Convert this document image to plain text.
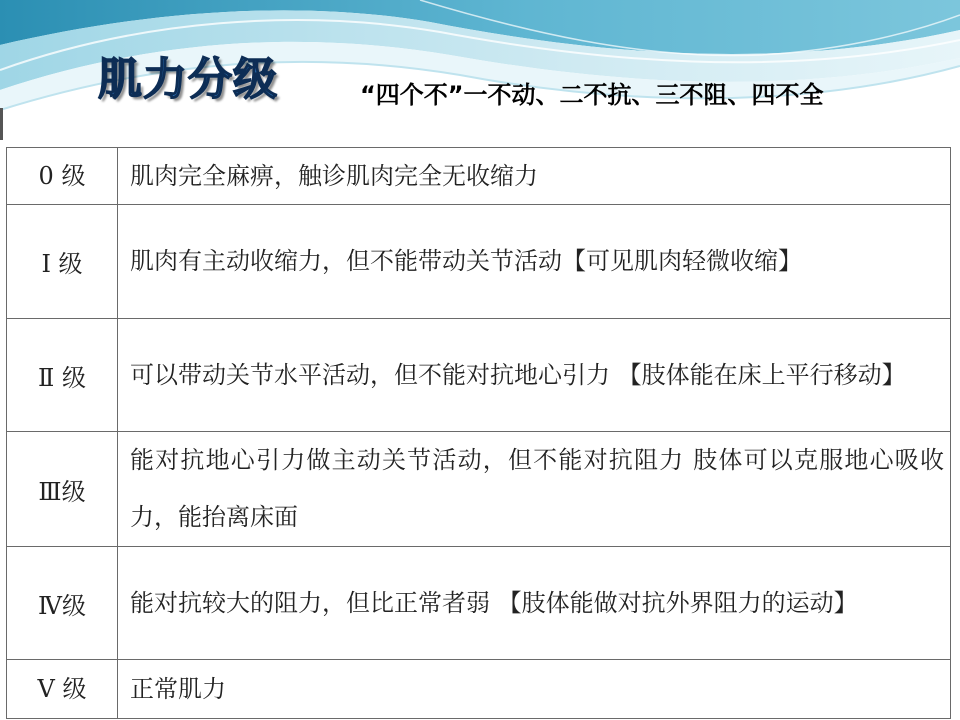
肌力分级	“四个不”一不动、二不抗、三不阻、四不全
0 级	肌肉完全麻痹，触诊肌肉完全无收缩力
Ⅰ 级	肌肉有主动收缩力，但不能带动关节活动【可见肌肉轻微收缩】
Ⅱ 级	可以带动关节水平活动，但不能对抗地心引力 【肢体能在床上平行移动】
Ⅲ级	能对抗地心引力做主动关节活动，但不能对抗阻力 肢体可以克服地心吸收力，能抬离床面
Ⅳ级	能对抗较大的阻力，但比正常者弱 【肢体能做对抗外界阻力的运动】
Ⅴ 级	正常肌力
